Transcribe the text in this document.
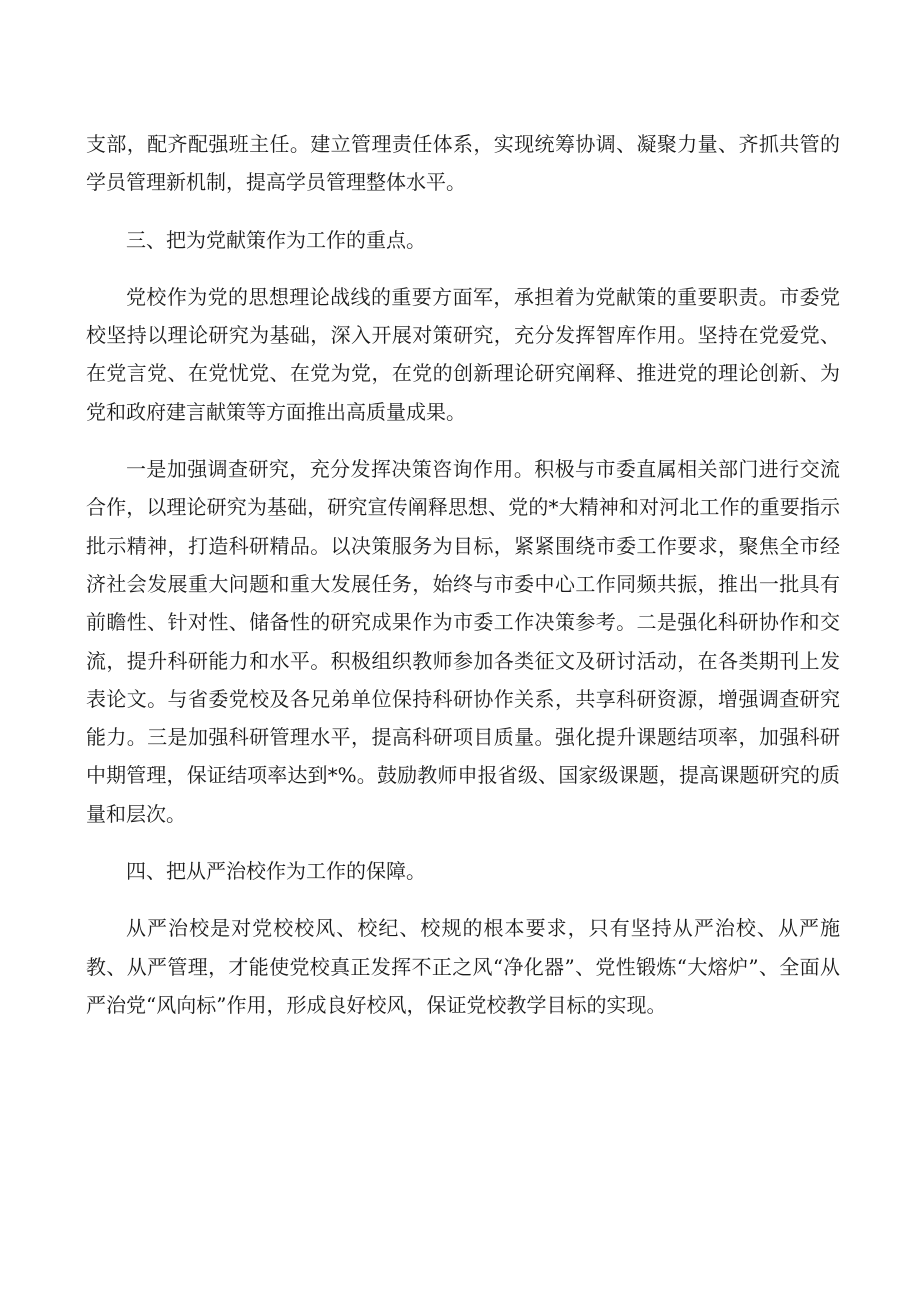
支部，配齐配强班主任。建立管理责任体系，实现统筹协调、凝聚力量、齐抓共管的学员管理新机制，提高学员管理整体水平。

三、把为党献策作为工作的重点。

党校作为党的思想理论战线的重要方面军，承担着为党献策的重要职责。市委党校坚持以理论研究为基础，深入开展对策研究，充分发挥智库作用。坚持在党爱党、在党言党、在党忧党、在党为党，在党的创新理论研究阐释、推进党的理论创新、为党和政府建言献策等方面推出高质量成果。

一是加强调查研究，充分发挥决策咨询作用。积极与市委直属相关部门进行交流合作，以理论研究为基础，研究宣传阐释思想、党的*大精神和对河北工作的重要指示批示精神，打造科研精品。以决策服务为目标，紧紧围绕市委工作要求，聚焦全市经济社会发展重大问题和重大发展任务，始终与市委中心工作同频共振，推出一批具有前瞻性、针对性、储备性的研究成果作为市委工作决策参考。二是强化科研协作和交流，提升科研能力和水平。积极组织教师参加各类征文及研讨活动，在各类期刊上发表论文。与省委党校及各兄弟单位保持科研协作关系，共享科研资源，增强调查研究能力。三是加强科研管理水平，提高科研项目质量。强化提升课题结项率，加强科研中期管理，保证结项率达到*%。鼓励教师申报省级、国家级课题，提高课题研究的质量和层次。

四、把从严治校作为工作的保障。

从严治校是对党校校风、校纪、校规的根本要求，只有坚持从严治校、从严施教、从严管理，才能使党校真正发挥不正之风“净化器”、党性锻炼“大熔炉”、全面从严治党“风向标”作用，形成良好校风，保证党校教学目标的实现。
